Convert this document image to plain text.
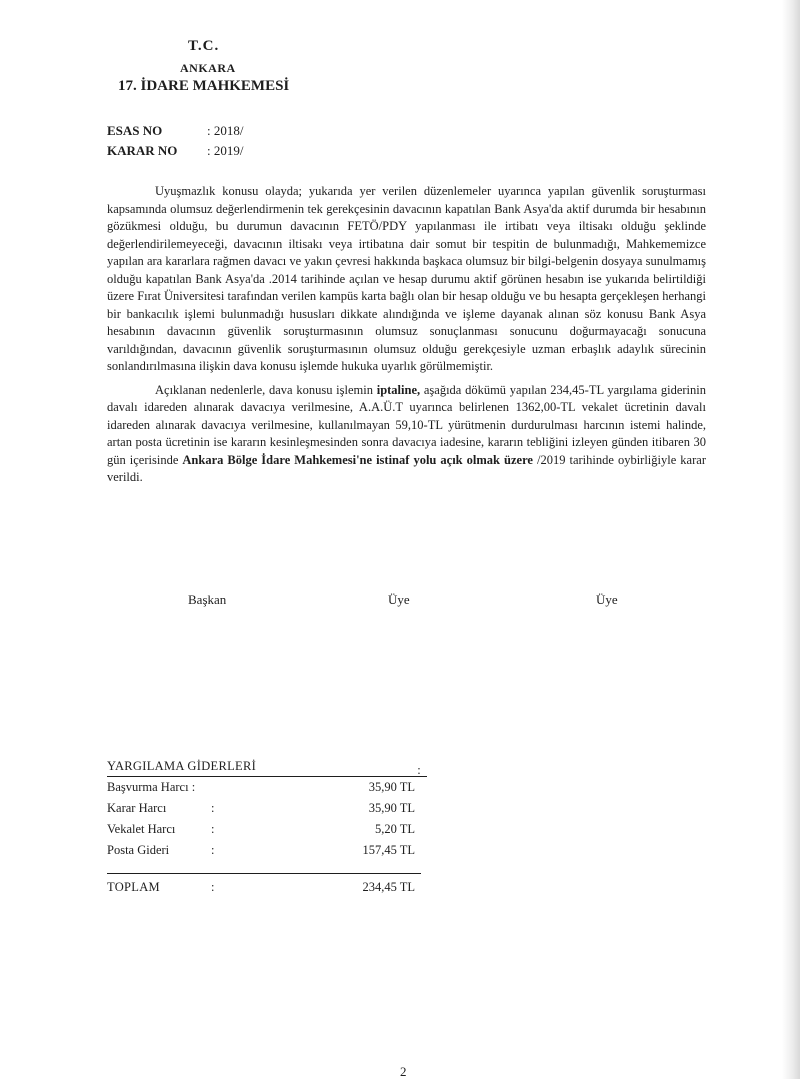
T.C.
ANKARA
17. İDARE MAHKEMESİ
ESAS NO	: 2018/
KARAR NO	: 2019/

Uyuşmazlık konusu olayda; yukarıda yer verilen düzenlemeler uyarınca yapılan güvenlik soruşturması kapsamında olumsuz değerlendirmenin tek gerekçesinin davacının kapatılan Bank Asya'da aktif durumda bir hesabının gözükmesi olduğu, bu durumun davacının FETÖ/PDY yapılanması ile irtibatı veya iltisakı olduğu şeklinde değerlendirilemeyeceği, davacının iltisakı veya irtibatına dair somut bir tespitin de bulunmadığı, Mahkememizce yapılan ara kararlara rağmen davacı ve yakın çevresi hakkında başkaca olumsuz bir bilgi-belgenin dosyaya sunulmamış olduğu kapatılan Bank Asya'da .2014 tarihinde açılan ve hesap durumu aktif görünen hesabın ise yukarıda belirtildiği üzere Fırat Üniversitesi tarafından verilen kampüs karta bağlı olan bir hesap olduğu ve bu hesapta gerçekleşen herhangi bir bankacılık işlemi bulunmadığı hususları dikkate alındığında ve işleme dayanak alınan söz konusu Bank Asya hesabının davacının güvenlik soruşturmasının olumsuz sonuçlanması sonucunu doğurmayacağı sonucuna varıldığından, davacının güvenlik soruşturmasının olumsuz olduğu gerekçesiyle uzman erbaşlık adaylık sürecinin sonlandırılmasına ilişkin dava konusu işlemde hukuka uyarlık görülmemiştir.

Açıklanan nedenlerle, dava konusu işlemin iptaline, aşağıda dökümü yapılan 234,45-TL yargılama giderinin davalı idareden alınarak davacıya verilmesine, A.A.Ü.T uyarınca belirlenen 1362,00-TL vekalet ücretinin davalı idareden alınarak davacıya verilmesine, kullanılmayan 59,10-TL yürütmenin durdurulması harcının istemi halinde, artan posta ücretinin ise kararın kesinleşmesinden sonra davacıya iadesine, kararın tebliğini izleyen günden itibaren 30 gün içerisinde Ankara Bölge İdare Mahkemesi'ne istinaf yolu açık olmak üzere /2019 tarihinde oybirliğiyle karar verildi.

Başkan	Üye	Üye
YARGILAMA GİDERLERİ	:
Başvurma Harcı :	35,90 TL
Karar Harcı	:	35,90 TL
Vekalet Harcı	:	5,20 TL
Posta Gideri	:	157,45 TL
TOPLAM	:	234,45 TL
2
